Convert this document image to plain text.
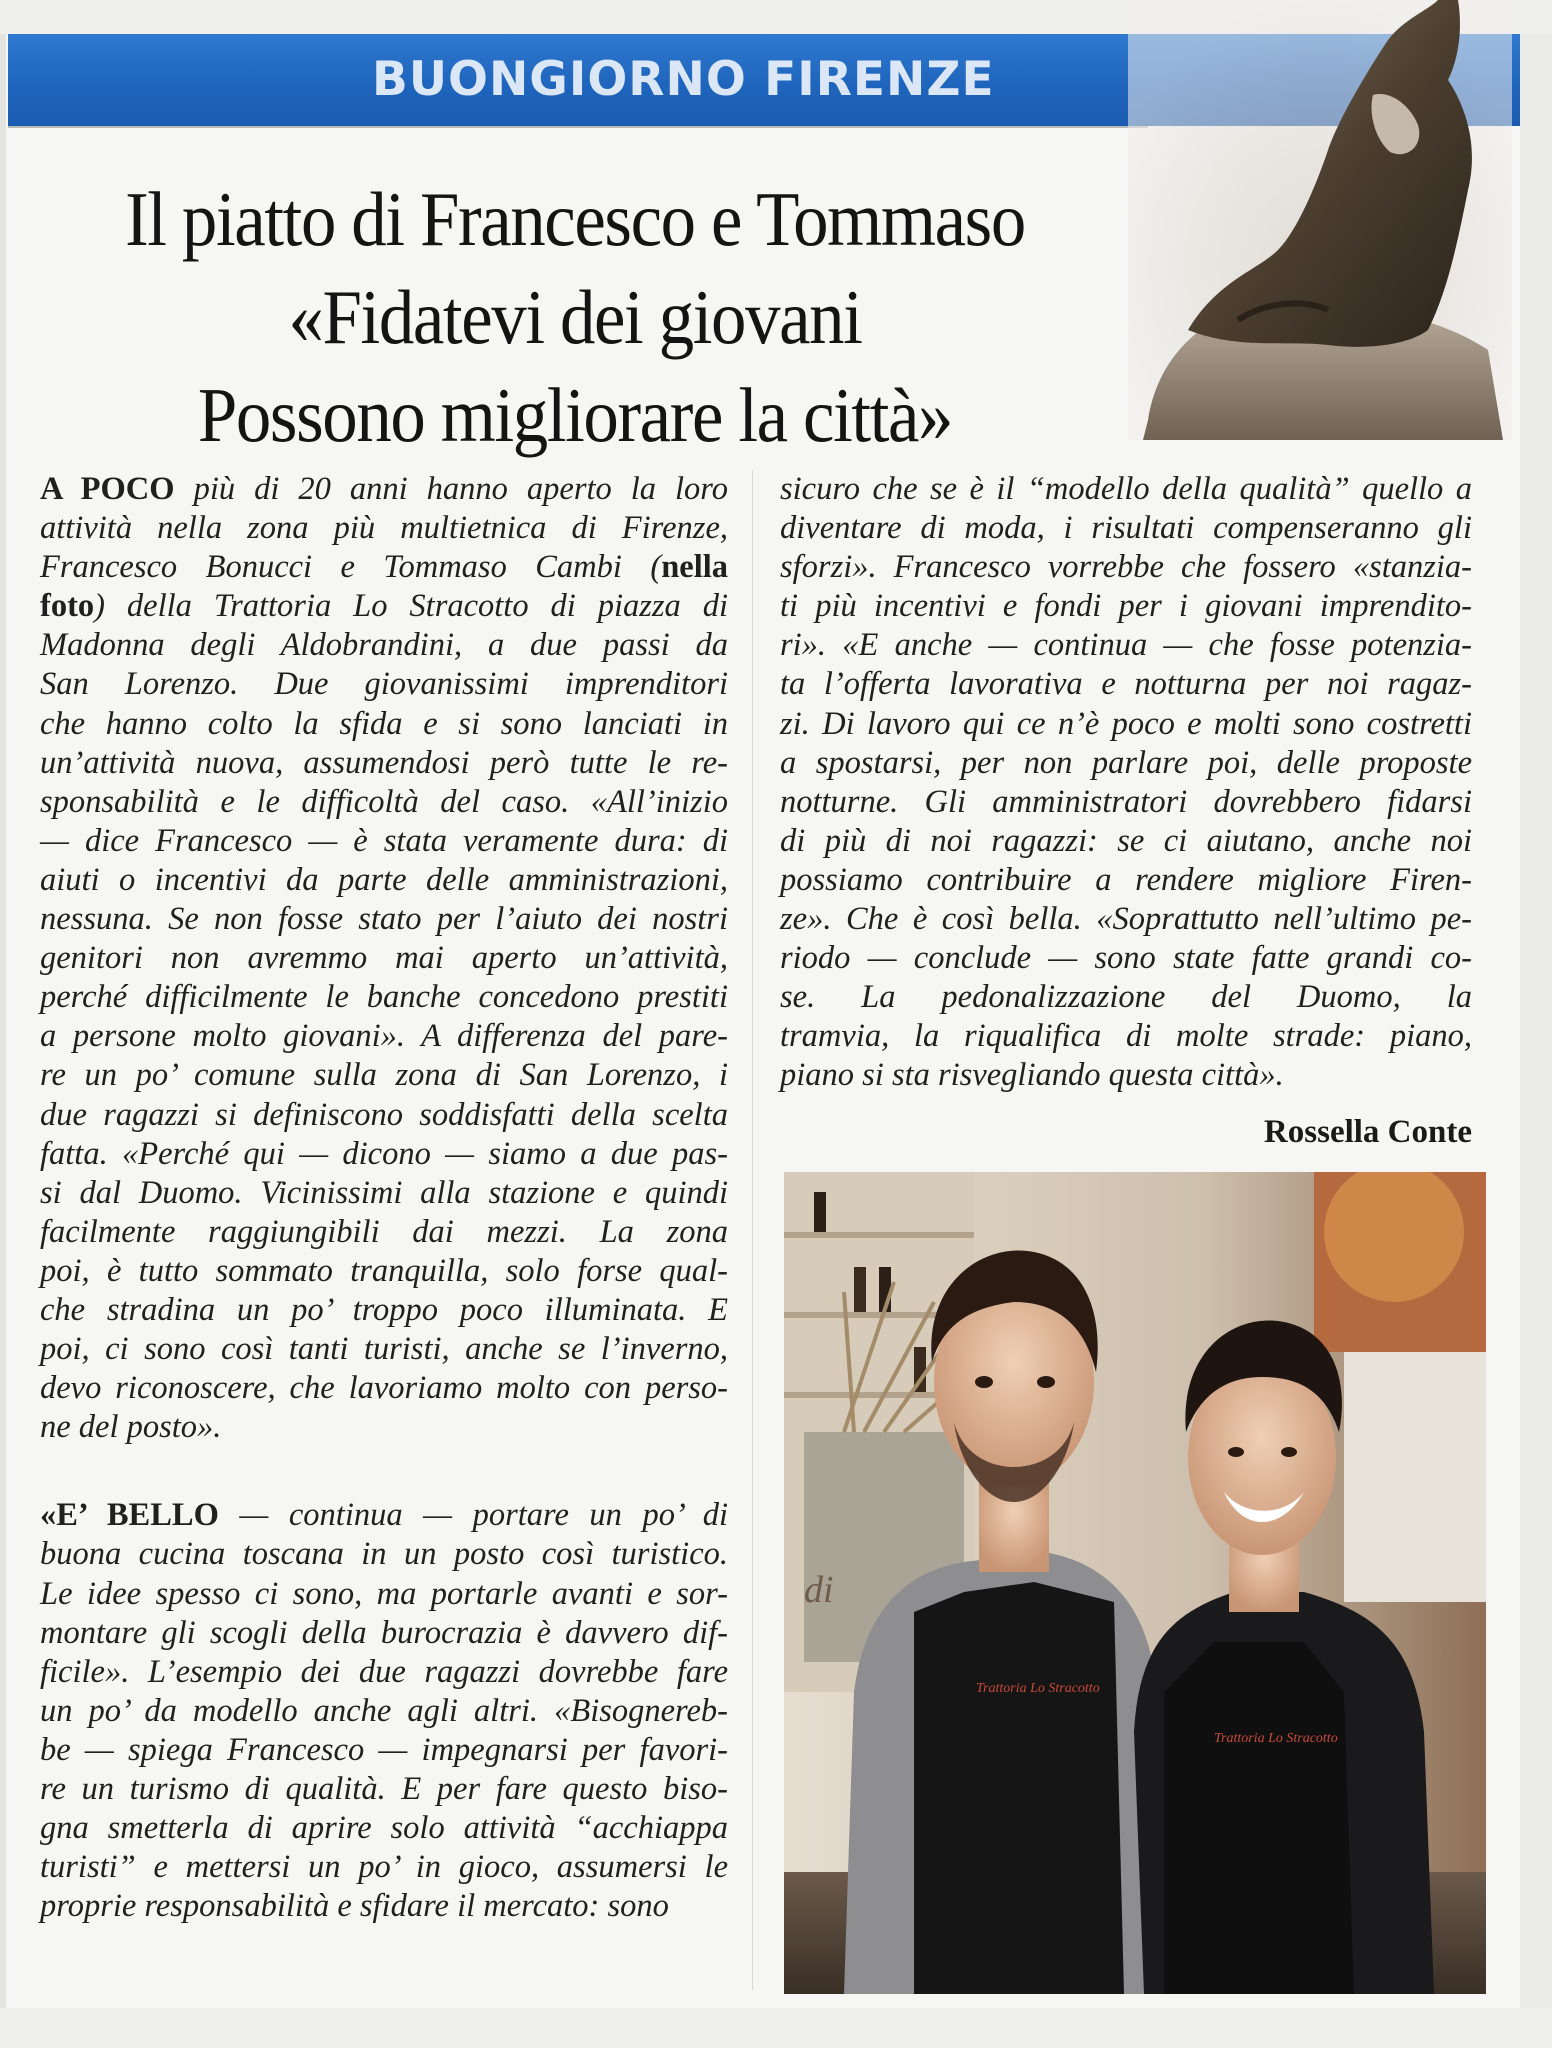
BUONGIORNO FIRENZE
Il piatto di Francesco e Tommaso
«Fidatevi dei giovani
Possono migliorare la città»

A POCO più di 20 anni hanno aperto la loro

attività nella zona più multietnica di Firenze,

Francesco Bonucci e Tommaso Cambi (nella

foto) della Trattoria Lo Stracotto di piazza di

Madonna degli Aldobrandini, a due passi da

San Lorenzo. Due giovanissimi imprenditori

che hanno colto la sfida e si sono lanciati in

un’attività nuova, assumendosi però tutte le re-

sponsabilità e le difficoltà del caso. «All’inizio

— dice Francesco — è stata veramente dura: di

aiuti o incentivi da parte delle amministrazioni,

nessuna. Se non fosse stato per l’aiuto dei nostri

genitori non avremmo mai aperto un’attività,

perché difficilmente le banche concedono prestiti

a persone molto giovani». A differenza del pare-

re un po’ comune sulla zona di San Lorenzo, i

due ragazzi si definiscono soddisfatti della scelta

fatta. «Perché qui — dicono — siamo a due pas-

si dal Duomo. Vicinissimi alla stazione e quindi

facilmente raggiungibili dai mezzi. La zona

poi, è tutto sommato tranquilla, solo forse qual-

che stradina un po’ troppo poco illuminata. E

poi, ci sono così tanti turisti, anche se l’inverno,

devo riconoscere, che lavoriamo molto con perso-

ne del posto».

«E’ BELLO — continua — portare un po’ di

buona cucina toscana in un posto così turistico.

Le idee spesso ci sono, ma portarle avanti e sor-

montare gli scogli della burocrazia è davvero dif-

ficile». L’esempio dei due ragazzi dovrebbe fare

un po’ da modello anche agli altri. «Bisognereb-

be — spiega Francesco — impegnarsi per favori-

re un turismo di qualità. E per fare questo biso-

gna smetterla di aprire solo attività “acchiappa

turisti” e mettersi un po’ in gioco, assumersi le

proprie responsabilità e sfidare il mercato: sono

sicuro che se è il “modello della qualità” quello a

diventare di moda, i risultati compenseranno gli

sforzi». Francesco vorrebbe che fossero «stanzia-

ti più incentivi e fondi per i giovani imprendito-

ri». «E anche — continua — che fosse potenzia-

ta l’offerta lavorativa e notturna per noi ragaz-

zi. Di lavoro qui ce n’è poco e molti sono costretti

a spostarsi, per non parlare poi, delle proposte

notturne. Gli amministratori dovrebbero fidarsi

di più di noi ragazzi: se ci aiutano, anche noi

possiamo contribuire a rendere migliore Firen-

ze». Che è così bella. «Soprattutto nell’ultimo pe-

riodo — conclude — sono state fatte grandi co-

se. La pedonalizzazione del Duomo, la

tramvia, la riqualifica di molte strade: piano,

piano si sta risvegliando questa città».

Rossella Conte
di
Trattoria Lo Stracotto
Trattoria Lo Stracotto
